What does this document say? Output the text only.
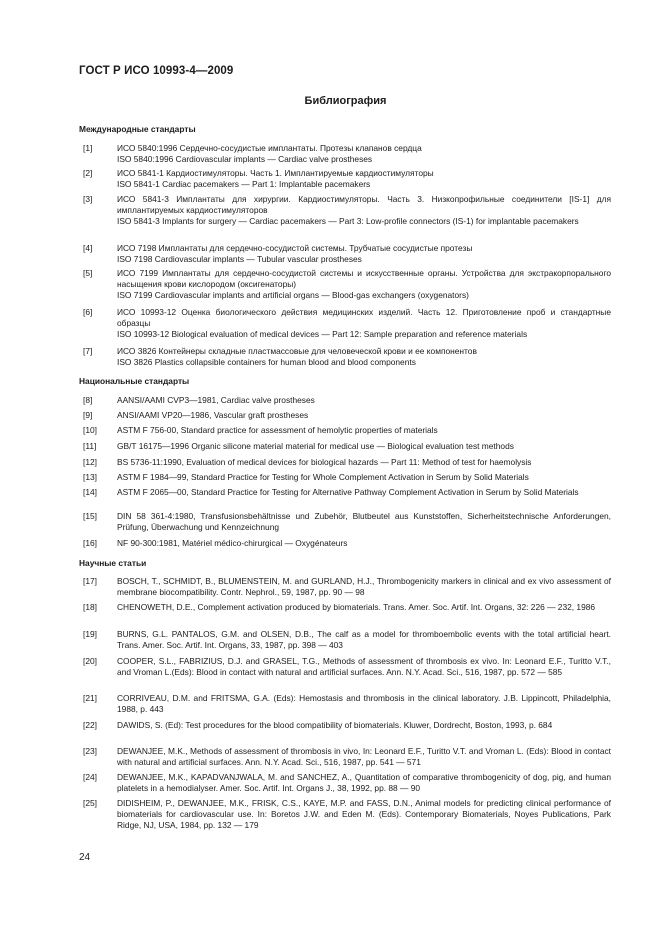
ГОСТ Р ИСО 10993-4—2009
Библиография
Международные стандарты
Национальные стандарты
Научные статьи
[1]	ИСО 5840:1996 Сердечно-сосудистые имплантаты. Протезы клапанов сердца
ISO 5840:1996 Cardiovascular implants — Cardiac valve prostheses
[2]	ИСО 5841-1 Кардиостимуляторы. Часть 1. Имплантируемые кардиостимуляторы
ISO 5841-1 Cardiac pacemakers — Part 1: Implantable pacemakers
[3]	ИСО 5841-3 Имплантаты для хирургии. Кардиостимуляторы. Часть 3. Низкопрофильные соединители [IS-1] для имплантируемых кардиостимуляторов
ISO 5841-3 Implants for surgery — Cardiac pacemakers — Part 3: Low-profile connectors (IS-1) for implantable pacemakers
[4]	ИСО 7198 Имплантаты для сердечно-сосудистой системы. Трубчатые сосудистые протезы
ISO 7198 Cardiovascular implants — Tubular vascular prostheses
[5]	ИСО 7199 Имплантаты для сердечно-сосудистой системы и искусственные органы. Устройства для экстракорпорального насыщения крови кислородом (оксигенаторы)
ISO 7199 Cardiovascular implants and artificial organs — Blood-gas exchangers (oxygenators)
[6]	ИСО 10993-12 Оценка биологического действия медицинских изделий. Часть 12. Приготовление проб и стандартные образцы
ISO 10993-12 Biological evaluation of medical devices — Part 12: Sample preparation and reference materials
[7]	ИСО 3826 Контейнеры складные пластмассовые для человеческой крови и ее компонентов
ISO 3826 Plastics collapsible containers for human blood and blood components
[8]	AANSI/AAMI CVP3—1981, Cardiac valve prostheses
[9]	ANSI/AAMI VP20—1986, Vascular graft prostheses
[10] ASTM F 756-00, Standard practice for assessment of hemolytic properties of materials
[11] GB/T 16175—1996 Organic silicone material material for medical use — Biological evaluation test methods
[12] BS 5736-11:1990, Evaluation of medical devices for biological hazards — Part 11: Method of test for haemolysis
[13] ASTM F 1984—99, Standard Practice for Testing for Whole Complement Activation in Serum by Solid Materials
[14] ASTM F 2065—00, Standard Practice for Testing for Alternative Pathway Complement Activation in Serum by Solid Materials
[15] DIN 58 361-4:1980, Transfusionsbehältnisse und Zubehör, Blutbeutel aus Kunststoffen, Sicherheitstechnische Anforderungen, Prüfung, Überwachung und Kennzeichnung
[16] NF 90-300:1981, Matériel médico-chirurgical — Oxygénateurs
[17] BOSCH, T., SCHMIDT, B., BLUMENSTEIN, M. and GURLAND, H.J., Thrombogenicity markers in clinical and ex vivo assessment of membrane biocompatibility. Contr. Nephrol., 59, 1987, pp. 90 — 98
[18] CHENOWETH, D.E., Complement activation produced by biomaterials. Trans. Amer. Soc. Artif. Int. Organs, 32: 226 — 232, 1986
[19] BURNS, G.L. PANTALOS, G.M. and OLSEN, D.B., The calf as a model for thromboembolic events with the total artificial heart. Trans. Amer. Soc. Artif. Int. Organs, 33, 1987, pp. 398 — 403
[20] COOPER, S.L., FABRIZIUS, D.J. and GRASEL, T.G., Methods of assessment of thrombosis ex vivo. In: Leonard E.F., Turitto V.T., and Vroman L.(Eds): Blood in contact with natural and artificial surfaces. Ann. N.Y. Acad. Sci., 516, 1987, pp. 572 — 585
[21] CORRIVEAU, D.M. and FRITSMA, G.A. (Eds): Hemostasis and thrombosis in the clinical laboratory. J.B. Lippincott, Philadelphia, 1988, p. 443
[22] DAWIDS, S. (Ed): Test procedures for the blood compatibility of biomaterials. Kluwer, Dordrecht, Boston, 1993, p. 684
[23] DEWANJEE, M.K., Methods of assessment of thrombosis in vivo, In: Leonard E.F., Turitto V.T. and Vroman L. (Eds): Blood in contact with natural and artificial surfaces. Ann. N.Y. Acad. Sci., 516, 1987, pp. 541 — 571
[24] DEWANJEE, M.K., KAPADVANJWALA, M. and SANCHEZ, A., Quantitation of comparative thrombogenicity of dog, pig, and human platelets in a hemodialyser. Amer. Soc. Artif. Int. Organs J., 38, 1992, pp. 88 — 90
[25] DIDISHEIM, P., DEWANJEE, M.K., FRISK, C.S., KAYE, M.P. and FASS, D.N., Animal models for predicting clinical performance of biomaterials for cardiovascular use. In: Boretos J.W. and Eden M. (Eds). Contemporary Biomaterials, Noyes Publications, Park Ridge, NJ, USA, 1984, pp. 132 — 179
24
